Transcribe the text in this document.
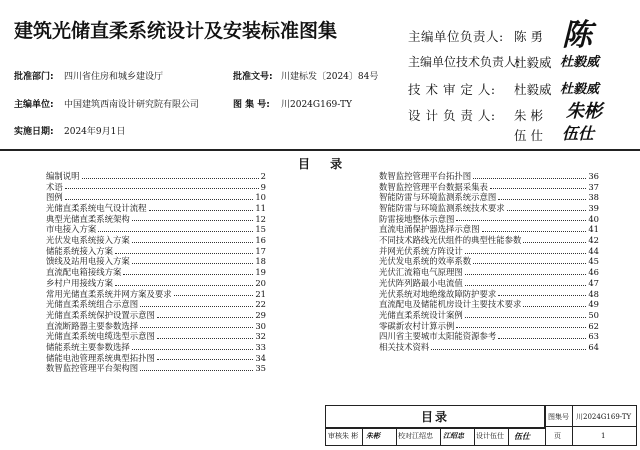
建筑光储直柔系统设计及安装标准图集
批准部门: 四川省住房和城乡建设厅	批准文号: 川建标发〔2024〕84号
主编单位: 中国建筑西南设计研究院有限公司	图 集 号: 川2024G169-TY
实施日期: 2024年9月1日
主编单位负责人: 陈 勇 陈
主编单位技术负责人:
杜毅威 杜毅威
技 术 审 定 人: 杜毅威 杜毅威
设 计 负 责 人: 朱 彬 朱彬
伍 仕 伍仕
目 录
编制说明	2
术语	9
图例	10
光储直柔系统电气设计流程	11
典型光储直柔系统架构	12
市电接入方案	15
光伏发电系统接入方案	16
储能系统接入方案	17
馈线及站用电接入方案	18
直流配电箱接线方案	19
乡村户用接线方案	20
常用光储直柔系统并网方案及要求	21
光储直柔系统组合示意图	22
光储直柔系统保护设置示意图	29
直流断路器主要参数选择	30
光储直柔系统电缆选型示意图	32
储能系统主要参数选择	33
储能电池管理系统典型拓扑图	34
数智监控管理平台架构图	35
数智监控管理平台拓扑图	36
数智监控管理平台数据采集表	37
智能防雷与环境监测系统示意图	38
智能防雷与环境监测系统技术要求	39
防雷接地整体示意图	40
直流电涌保护器选择示意图	41
不同技术路线光伏组件的典型性能参数	42
并网光伏系统方阵设计	44
光伏发电系统的效率系数	45
光伏汇流箱电气原理图	46
光伏阵列路最小电流值	47
光伏系统对地绝缘故障防护要求	48
直流配电及储能机房设计主要技术要求	49
光储直柔系统设计案例	50
零碳新农村计算示例	62
四川省主要城市太阳能资源参考	63
相关技术资料	64
目录	图集号 川2024G169-TY
页	1
审核 朱 彬 朱彬	校对 江绍忠 江绍忠 设计 伍仕 伍仕
